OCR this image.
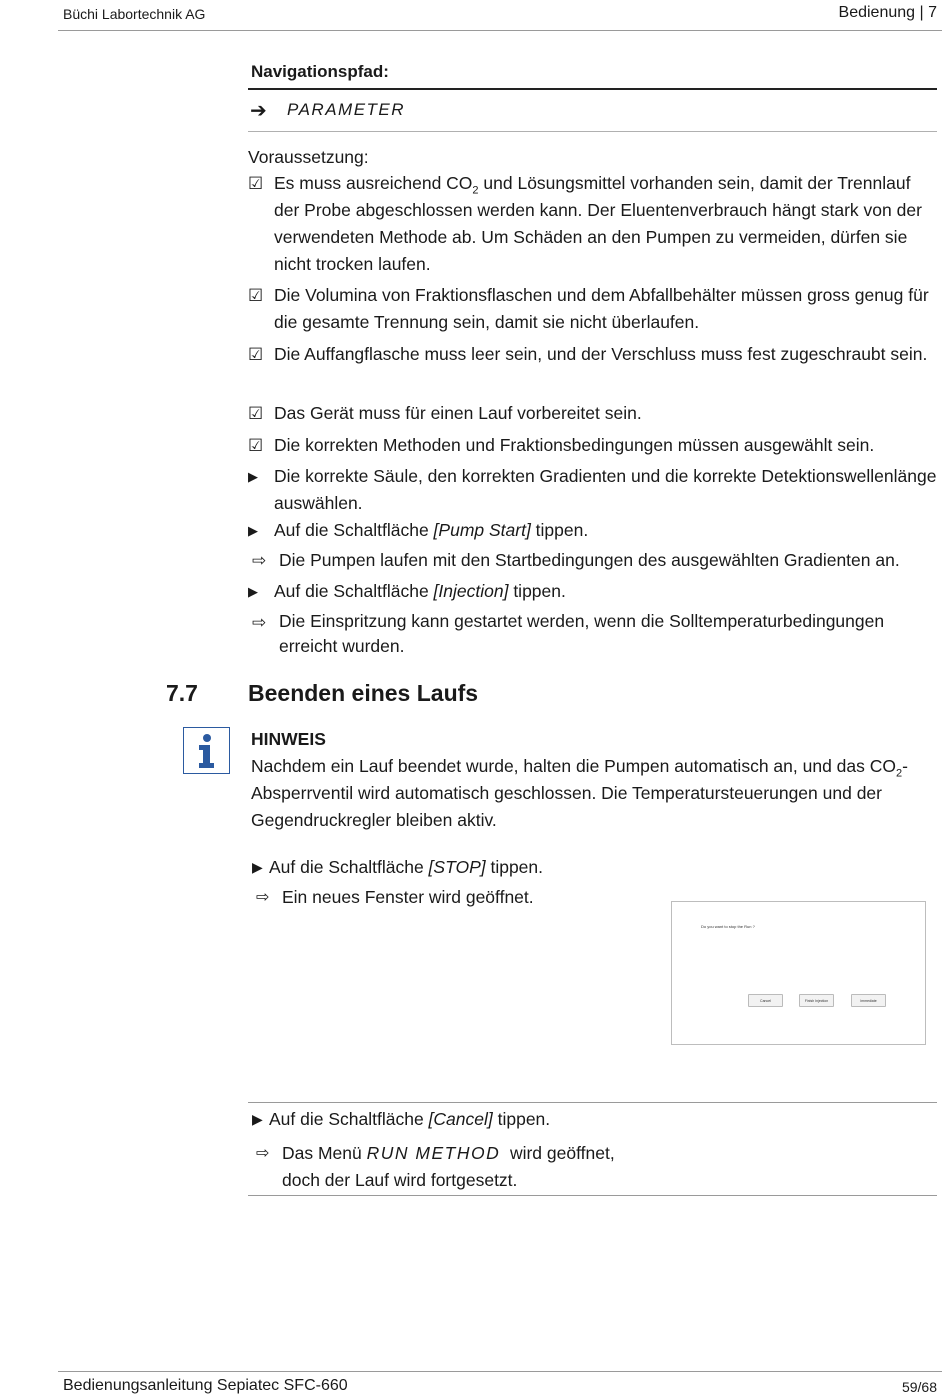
Büchi Labortechnik AG	Bedienung | 7
Navigationspfad:
➔ PARAMETER
Voraussetzung:
☑ Es muss ausreichend $CO_2$ und Lösungsmittel vorhanden sein, damit der Trennlauf der Probe abgeschlossen werden kann. Der Eluentenverbrauch hängt stark von der verwendeten Methode ab. Um Schäden an den Pumpen zu vermeiden, dürfen sie nicht trocken laufen.
☑ Die Volumina von Fraktionsflaschen und dem Abfallbehälter müssen gross genug für die gesamte Trennung sein, damit sie nicht überlaufen.
☑ Die Auffangflasche muss leer sein, und der Verschluss muss fest zugeschraubt sein.
☑ Das Gerät muss für einen Lauf vorbereitet sein.
☑ Die korrekten Methoden und Fraktionsbedingungen müssen ausgewählt sein.
▶ Die korrekte Säule, den korrekten Gradienten und die korrekte Detektionswellenlänge auswählen.
▶ Auf die Schaltfläche [Pump Start] tippen.
⇨ Die Pumpen laufen mit den Startbedingungen des ausgewählten Gradienten an.
▶ Auf die Schaltfläche [Injection] tippen.
⇨ Die Einspritzung kann gestartet werden, wenn die Solltemperaturbedingungen erreicht wurden.
7.7 Beenden eines Laufs
HINWEIS
Nachdem ein Lauf beendet wurde, halten die Pumpen automatisch an, und das $CO_2$-Absperrventil wird automatisch geschlossen. Die Temperatursteuerungen und der Gegendruckregler bleiben aktiv.
▶ Auf die Schaltfläche [STOP] tippen.
⇨ Ein neues Fenster wird geöffnet.
Do you want to stop the Run ?
Cancel	Finish Injection	Immediate
▶ Auf die Schaltfläche [Cancel] tippen.
⇨ Das Menü RUN METHOD  wird geöffnet,
doch der Lauf wird fortgesetzt.
Bedienungsanleitung Sepiatec SFC-660	59/68
